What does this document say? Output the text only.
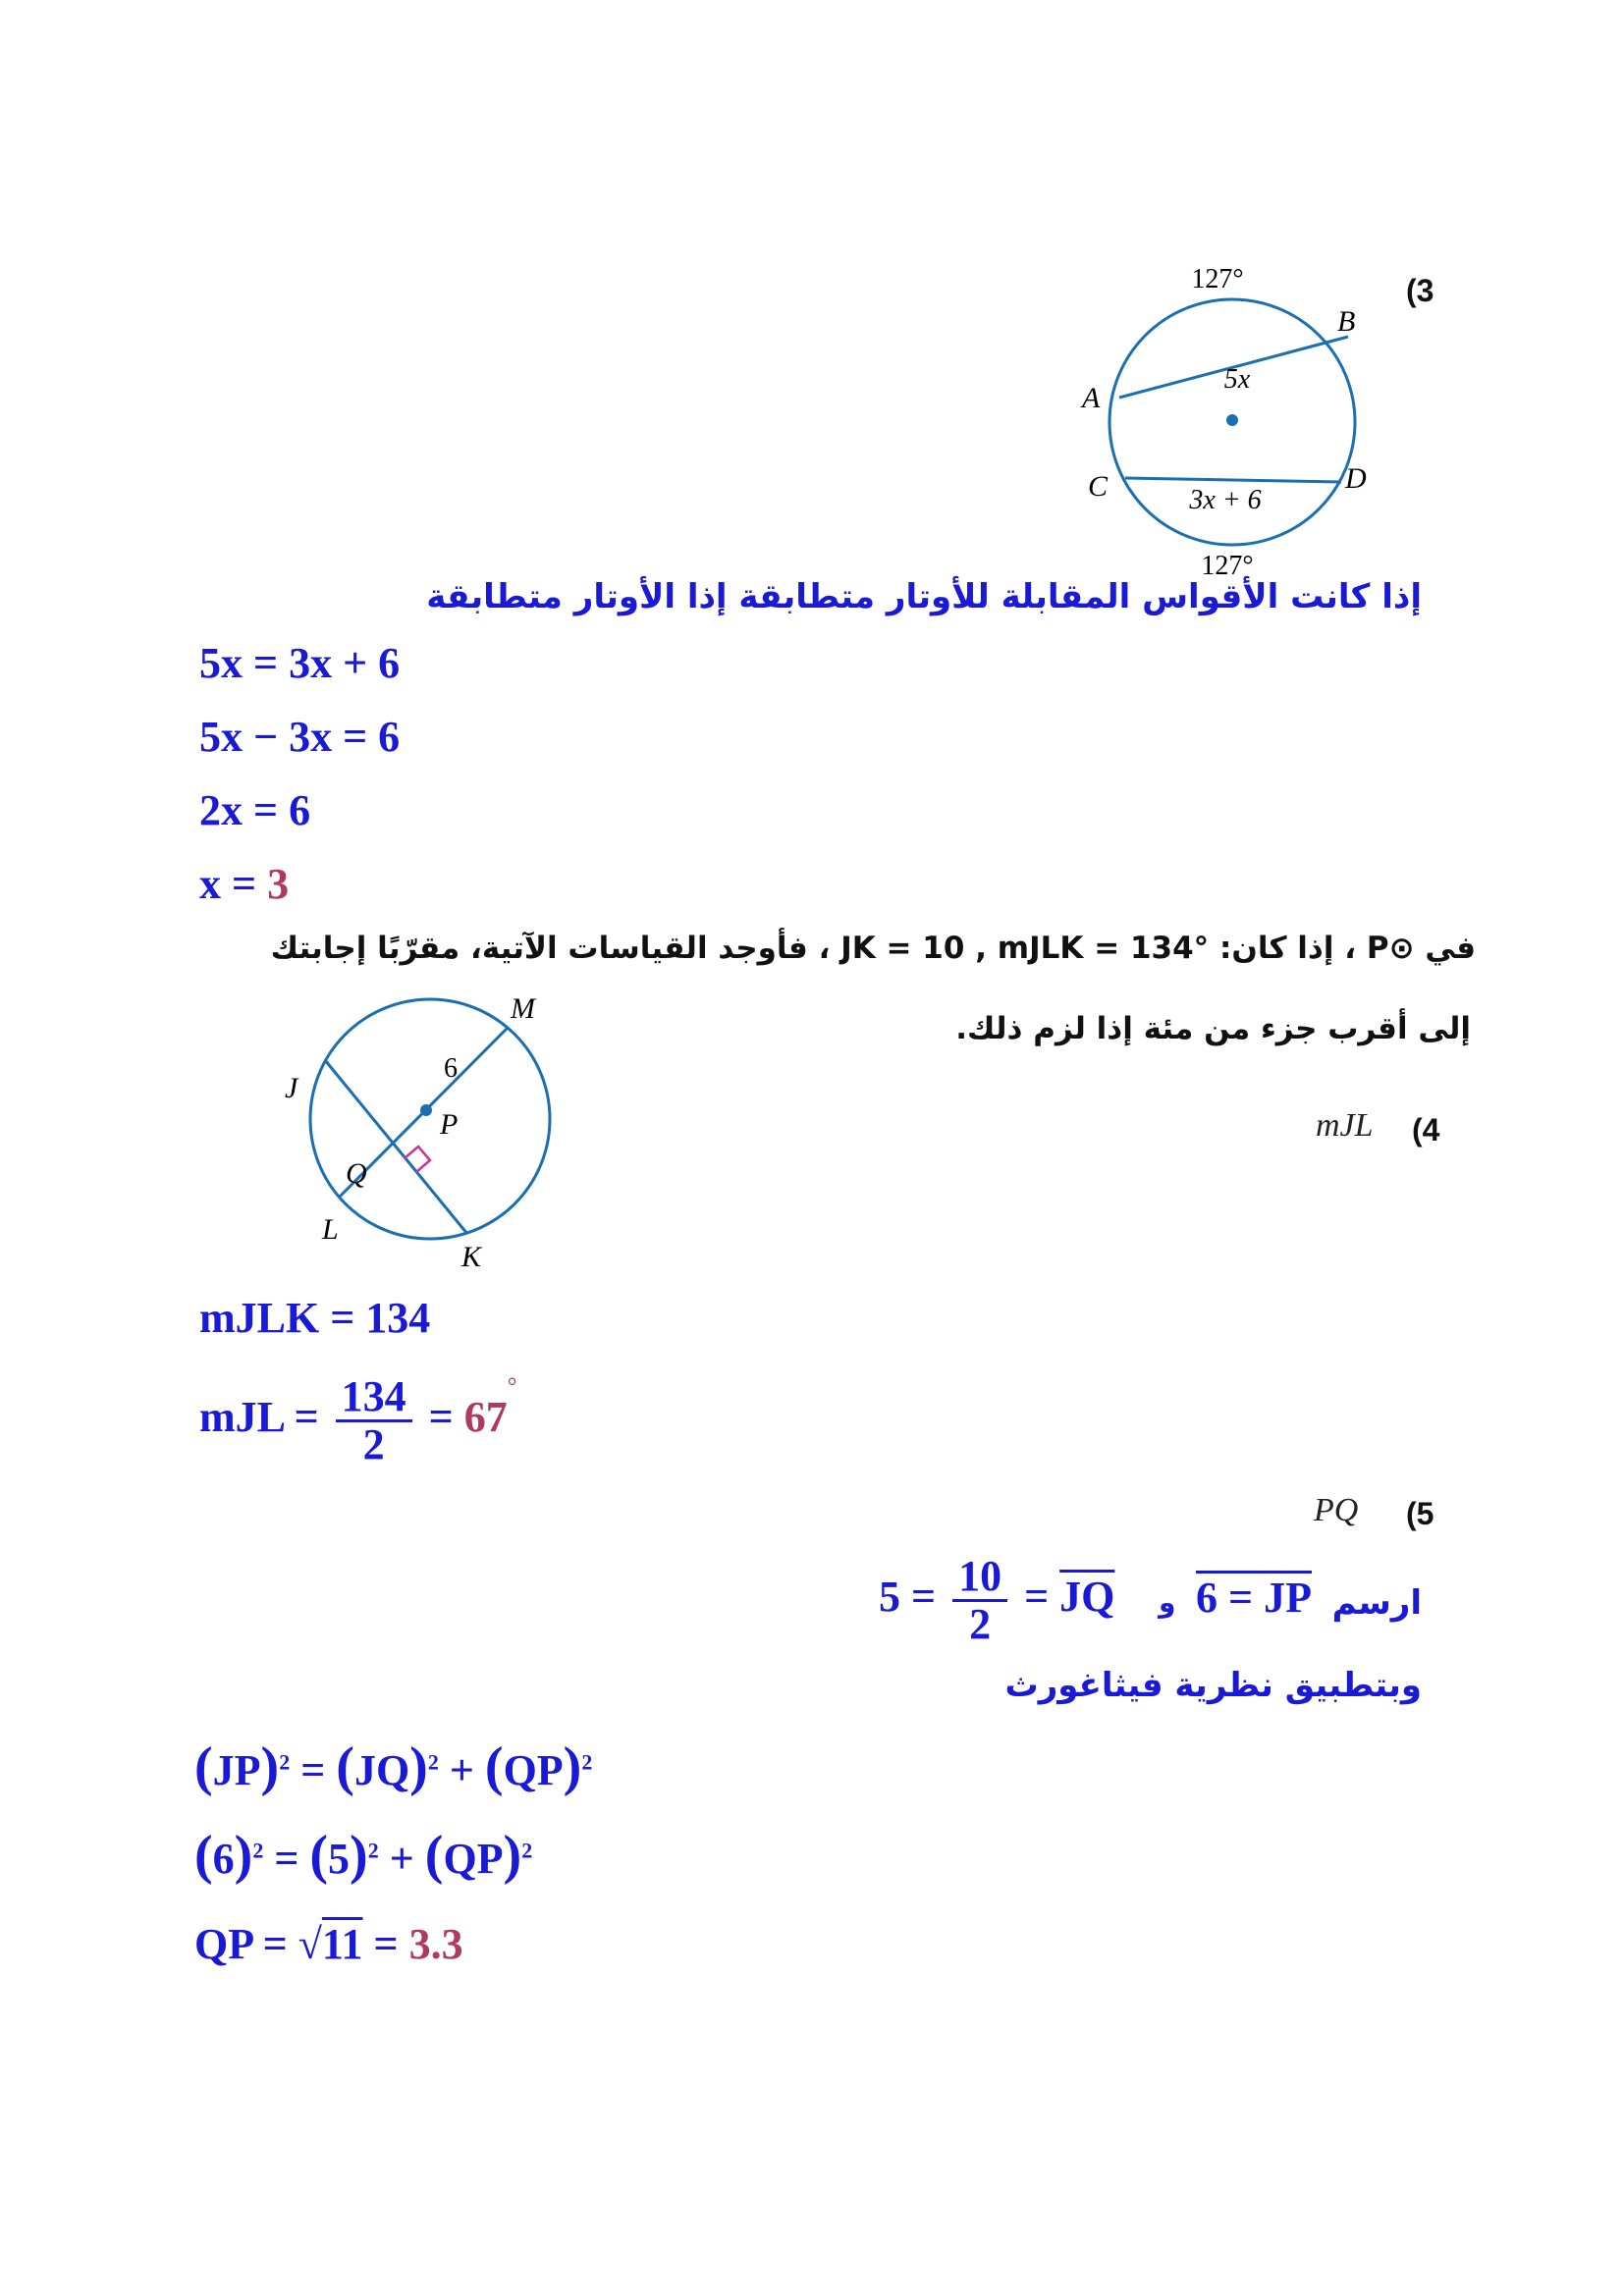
(3
127°
127°
A
B
C	D
5x
3x + 6
إذا كانت الأقواس المقابلة للأوتار متطابقة إذا الأوتار متطابقة
5x = 3x + 6
5x − 3x = 6
2x = 6
x = 3
في ⊙P ، إذا كان: JK = 10 , mJLK = 134° ، فأوجد القياسات الآتية، مقرّبًا إجابتك
إلى أقرب جزء من مئة إذا لزم ذلك.
M
J
P
Q
L
K
6
(4
mJL
mJLK = 134
mJL = $\frac{134}{2} = 67^\circ$
(5
PQ
ارسم
6 = JP
و
$5 = \frac{10}{2} = \overline{JQ}$
وبتطبيق نظرية فيثاغورث
(JP)$^2$ = (JQ)$^2$ + (QP)$^2$
$(6)^2 = (5)^2 + (QP)^2$
QP = √11 = 3.3
